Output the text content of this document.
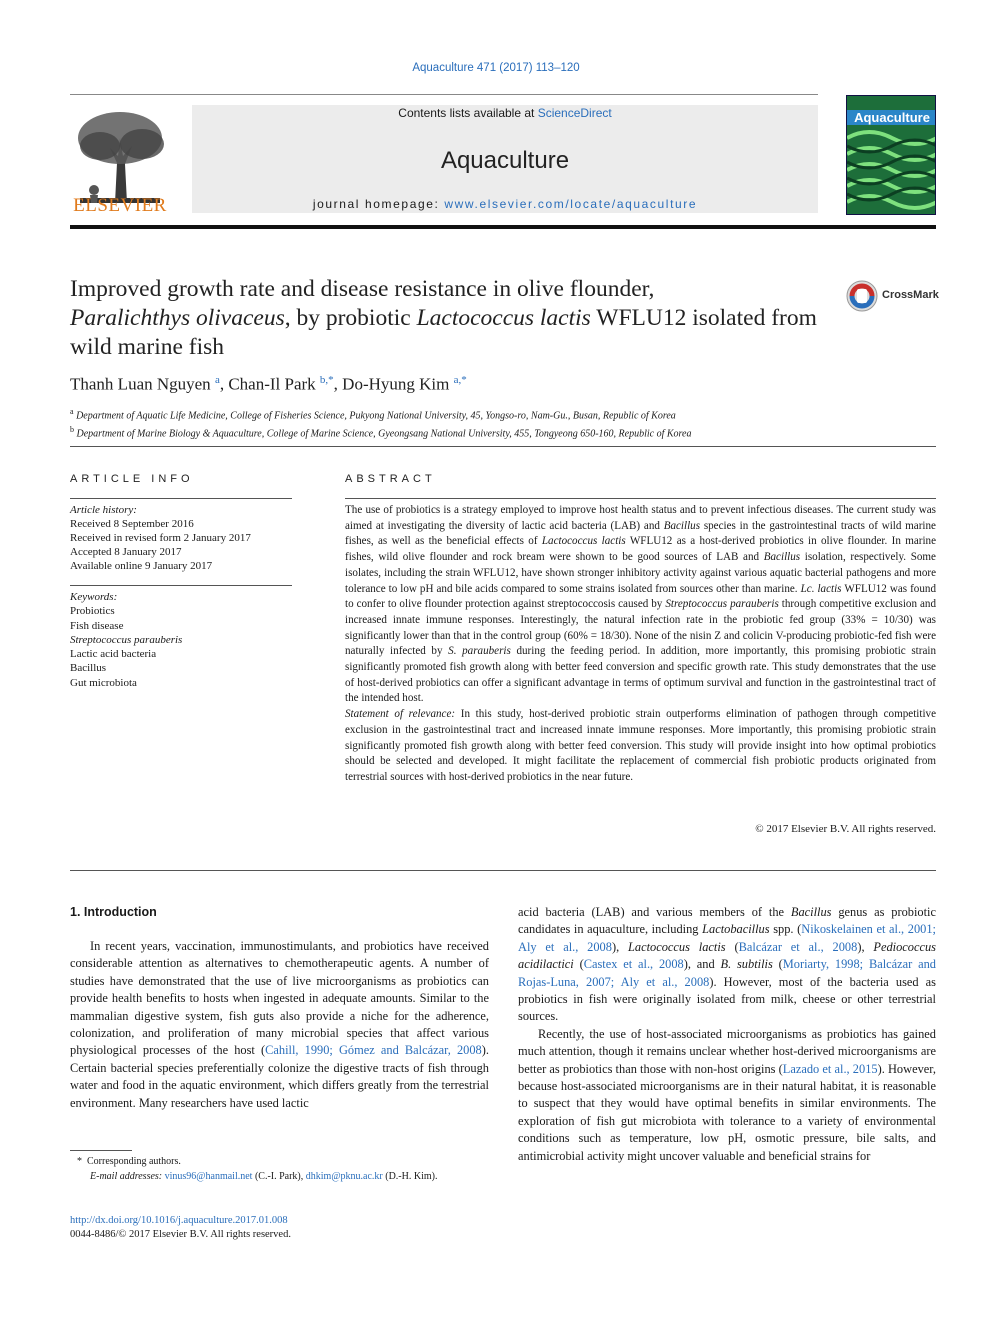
Aquaculture 471 (2017) 113–120
ELSEVIER
Contents lists available at ScienceDirect
Aquaculture
journal homepage: www.elsevier.com/locate/aquaculture
Aquaculture
Improved growth rate and disease resistance in olive flounder,
Paralichthys olivaceus, by probiotic Lactococcus lactis WFLU12 isolated from wild marine fish
CrossMark
Thanh Luan Nguyen $^a$, Chan-Il Park $^{b,*}$, Do-Hyung Kim $^{a,*}$
$^a$ Department of Aquatic Life Medicine, College of Fisheries Science, Pukyong National University, 45, Yongso-ro, Nam-Gu., Busan, Republic of Korea
$^b$ Department of Marine Biology & Aquaculture, College of Marine Science, Gyeongsang National University, 455, Tongyeong 650-160, Republic of Korea
ARTICLE INFO
Article history:
Received 8 September 2016
Received in revised form 2 January 2017
Accepted 8 January 2017
Available online 9 January 2017
Keywords:
Probiotics
Fish disease
Streptococcus parauberis
Lactic acid bacteria
Bacillus
Gut microbiota
ABSTRACT
The use of probiotics is a strategy employed to improve host health status and to prevent infectious diseases. The current study was aimed at investigating the diversity of lactic acid bacteria (LAB) and Bacillus species in the gastrointestinal tracts of wild marine fishes, as well as the beneficial effects of Lactococcus lactis WFLU12 as a host-derived probiotics in olive flounder. In marine fishes, wild olive flounder and rock bream were shown to be good sources of LAB and Bacillus isolation, respectively. Some isolates, including the strain WFLU12, have shown stronger inhibitory activity against various aquatic bacterial pathogens and more tolerance to low pH and bile acids compared to some strains isolated from sources other than marine. Lc. lactis WFLU12 was found to confer to olive flounder protection against streptococcosis caused by Streptococcus parauberis through competitive exclusion and increased innate immune responses. Interestingly, the natural infection rate in the probiotic fed group (33% = 10/30) was significantly lower than that in the control group (60% = 18/30). None of the nisin Z and colicin V-producing probiotic-fed fish were naturally infected by S. parauberis during the feeding period. In addition, more importantly, this promising probiotic strain significantly promoted fish growth along with better feed conversion and specific growth rate. This study demonstrates that the use of host-derived probiotics can offer a significant advantage in terms of optimum survival and function in the gastrointestinal tract of the intended host.
Statement of relevance: In this study, host-derived probiotic strain outperforms elimination of pathogen through competitive exclusion in the gastrointestinal tract and increased innate immune responses. More importantly, this promising probiotic strain significantly promoted fish growth along with better feed conversion. This study will provide insight into how optimal probiotics should be selected and developed. It might facilitate the replacement of commercial fish probiotic products originated from terrestrial sources with host-derived probiotics in the near future.
© 2017 Elsevier B.V. All rights reserved.
1. Introduction
In recent years, vaccination, immunostimulants, and probiotics have received considerable attention as alternatives to chemotherapeutic agents. A number of studies have demonstrated that the use of live microorganisms as probiotics can provide health benefits to hosts when ingested in adequate amounts. Similar to the mammalian digestive system, fish guts also provide a niche for the adherence, colonization, and proliferation of many microbial species that affect various physiological processes of the host (Cahill, 1990; Gómez and Balcázar, 2008). Certain bacterial species preferentially colonize the digestive tracts of fish through water and food in the aquatic environment, which differs greatly from the terrestrial environment. Many researchers have used lactic

acid bacteria (LAB) and various members of the Bacillus genus as probiotic candidates in aquaculture, including Lactobacillus spp. (Nikoskelainen et al., 2001; Aly et al., 2008), Lactococcus lactis (Balcázar et al., 2008), Pediococcus acidilactici (Castex et al., 2008), and B. subtilis (Moriarty, 1998; Balcázar and Rojas-Luna, 2007; Aly et al., 2008). However, most of the bacteria used as probiotics in fish were originally isolated from milk, cheese or other terrestrial sources.

Recently, the use of host-associated microorganisms as probiotics has gained much attention, though it remains unclear whether host-derived microorganisms are better as probiotics than those with non-host origins (Lazado et al., 2015). However, because host-associated microorganisms are in their natural habitat, it is reasonable to suspect that they would have optimal benefits in similar environments. The exploration of fish gut microbiota with tolerance to a variety of environmental conditions such as temperature, low pH, osmotic pressure, bile salts, and antimicrobial activity might uncover valuable and beneficial strains for

*  Corresponding authors.
E-mail addresses: vinus96@hanmail.net (C.-I. Park), dhkim@pknu.ac.kr (D.-H. Kim).
http://dx.doi.org/10.1016/j.aquaculture.2017.01.008
0044-8486/© 2017 Elsevier B.V. All rights reserved.
